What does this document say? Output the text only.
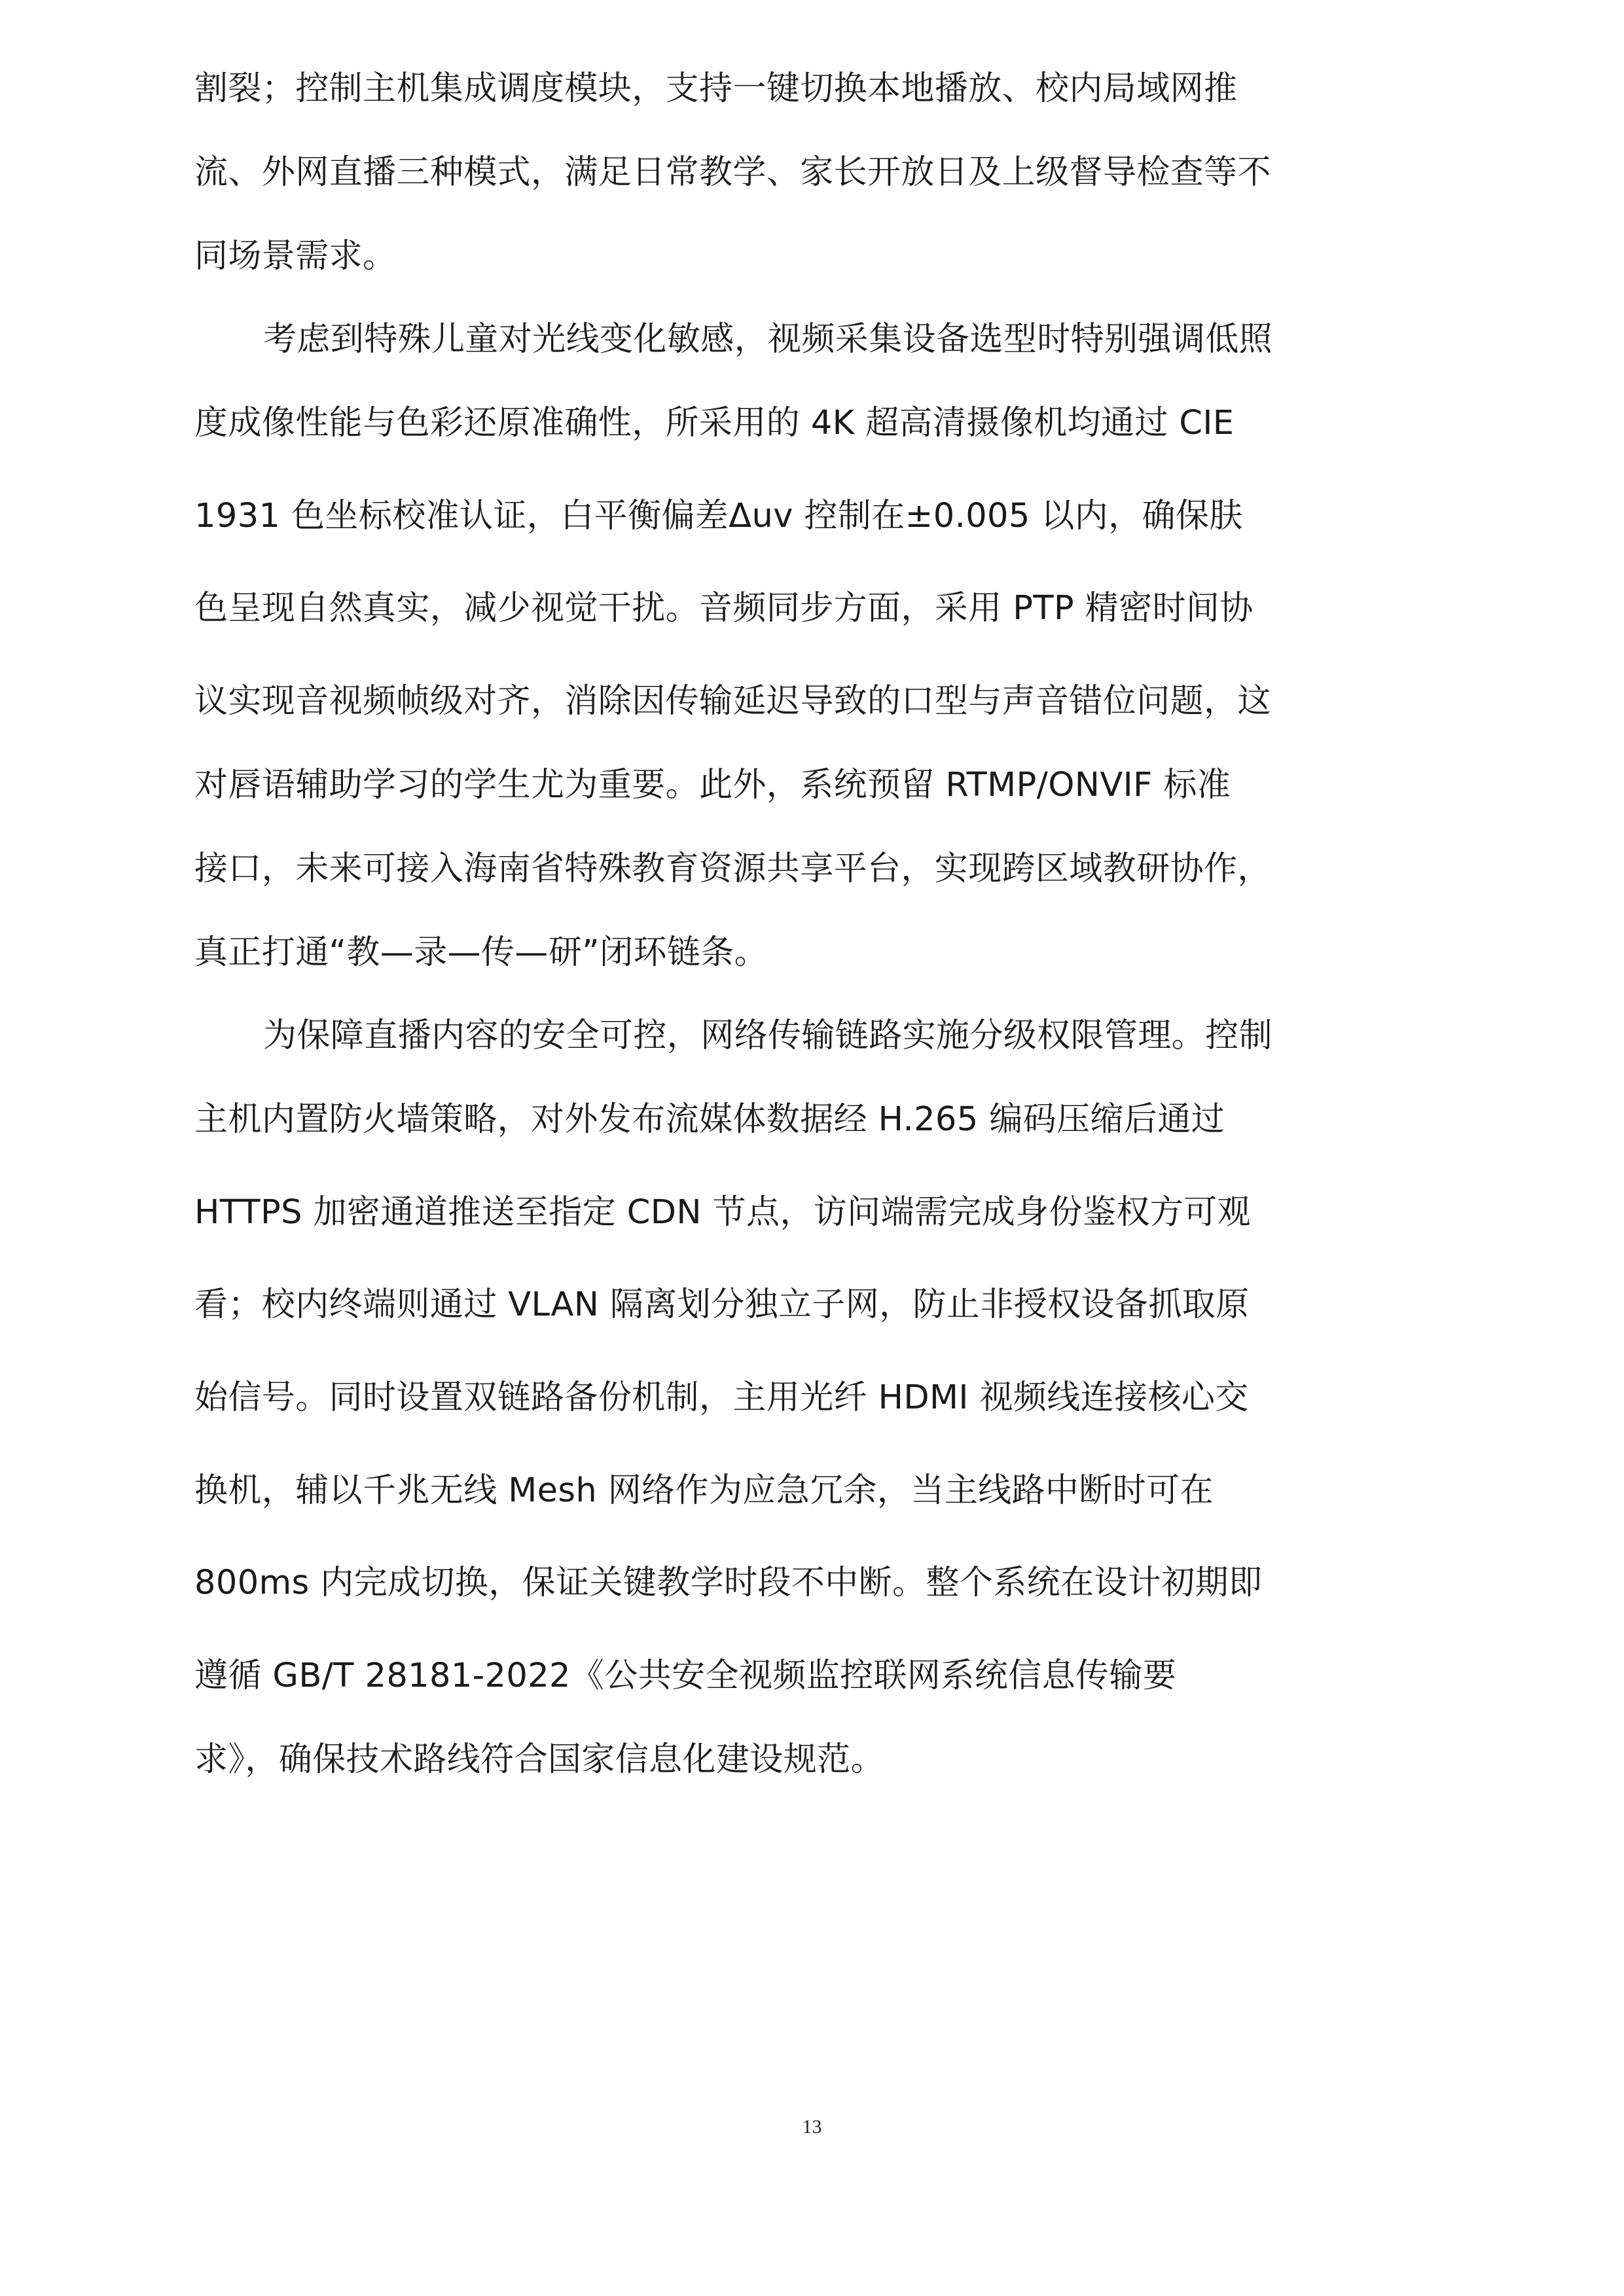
割裂；控制主机集成调度模块，支持一键切换本地播放、校内局域网推
流、外网直播三种模式，满足日常教学、家长开放日及上级督导检查等不
同场景需求。
考虑到特殊儿童对光线变化敏感，视频采集设备选型时特别强调低照
度成像性能与色彩还原准确性，所采用的 4K 超高清摄像机均通过 CIE
1931 色坐标校准认证，白平衡偏差Δuv 控制在±0.005 以内，确保肤
色呈现自然真实，减少视觉干扰。音频同步方面，采用 PTP 精密时间协
议实现音视频帧级对齐，消除因传输延迟导致的口型与声音错位问题，这
对唇语辅助学习的学生尤为重要。此外，系统预留 RTMP/ONVIF 标准
接口，未来可接入海南省特殊教育资源共享平台，实现跨区域教研协作，
真正打通“教—录—传—研”闭环链条。
为保障直播内容的安全可控，网络传输链路实施分级权限管理。控制
主机内置防火墙策略，对外发布流媒体数据经 H.265 编码压缩后通过
HTTPS 加密通道推送至指定 CDN 节点，访问端需完成身份鉴权方可观
看；校内终端则通过 VLAN 隔离划分独立子网，防止非授权设备抓取原
始信号。同时设置双链路备份机制，主用光纤 HDMI 视频线连接核心交
换机，辅以千兆无线 Mesh 网络作为应急冗余，当主线路中断时可在
800ms 内完成切换，保证关键教学时段不中断。整个系统在设计初期即
遵循 GB/T 28181-2022《公共安全视频监控联网系统信息传输要
求》，确保技术路线符合国家信息化建设规范。
13
